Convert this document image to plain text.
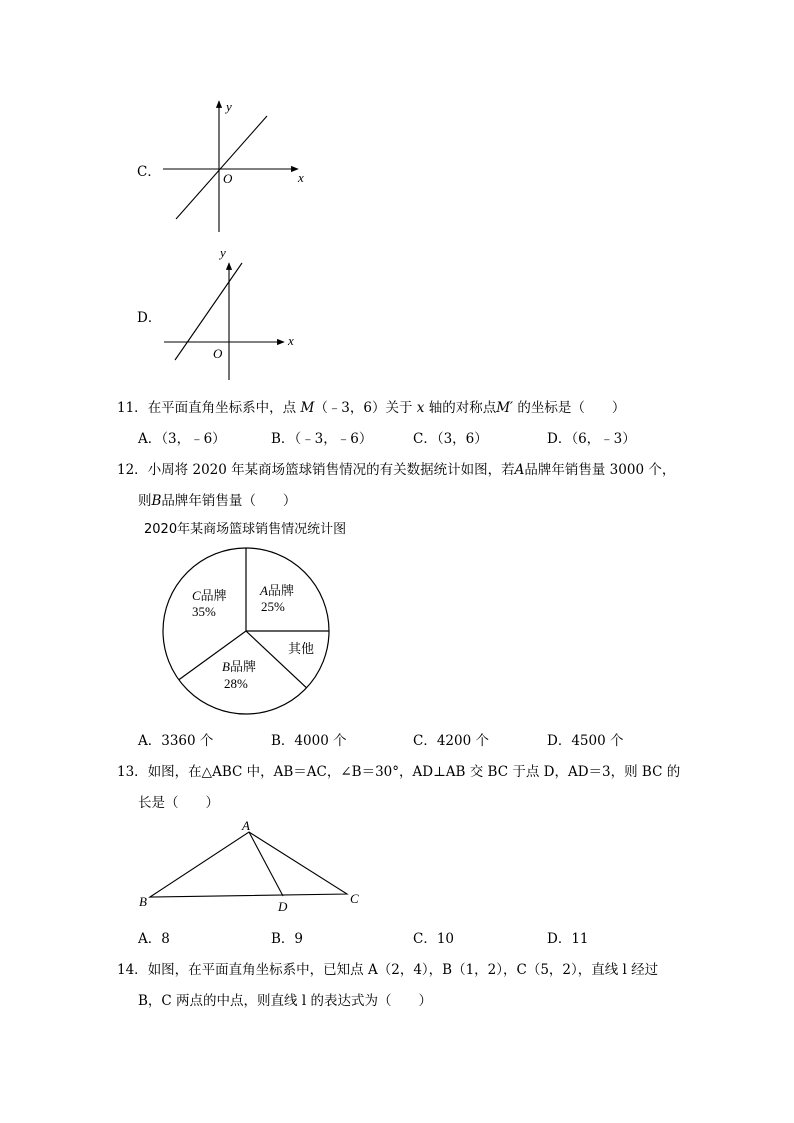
C．
y
x
O
y
x
O
A
B	C
D
D．
11．在平面直角坐标系中，点 M（﹣3，6）关于 x 轴的对称点M′ 的坐标是（　　）
A．（3，﹣6）	B．（﹣3，﹣6）	C．（3，6）	D．（6，﹣3）
12．小周将 2020 年某商场篮球销售情况的有关数据统计如图，若A品牌年销售量 3000 个，
则B品牌年销售量（　　）
2020年某商场篮球销售情况统计图
A品牌
25%
其他
B品牌
28%
C品牌
35%
A．3360 个	B．4000 个	C．4200 个	D．4500 个
13．如图，在△ABC 中，AB＝AC，∠B＝30°，AD⊥AB 交 BC 于点 D，AD＝3，则 BC 的
长是（　　）
A．8	B．9	C．10	D．11
14．如图，在平面直角坐标系中，已知点 A（2，4），B（1，2），C（5，2），直线 l 经过
B，C 两点的中点，则直线 l 的表达式为（　　）
